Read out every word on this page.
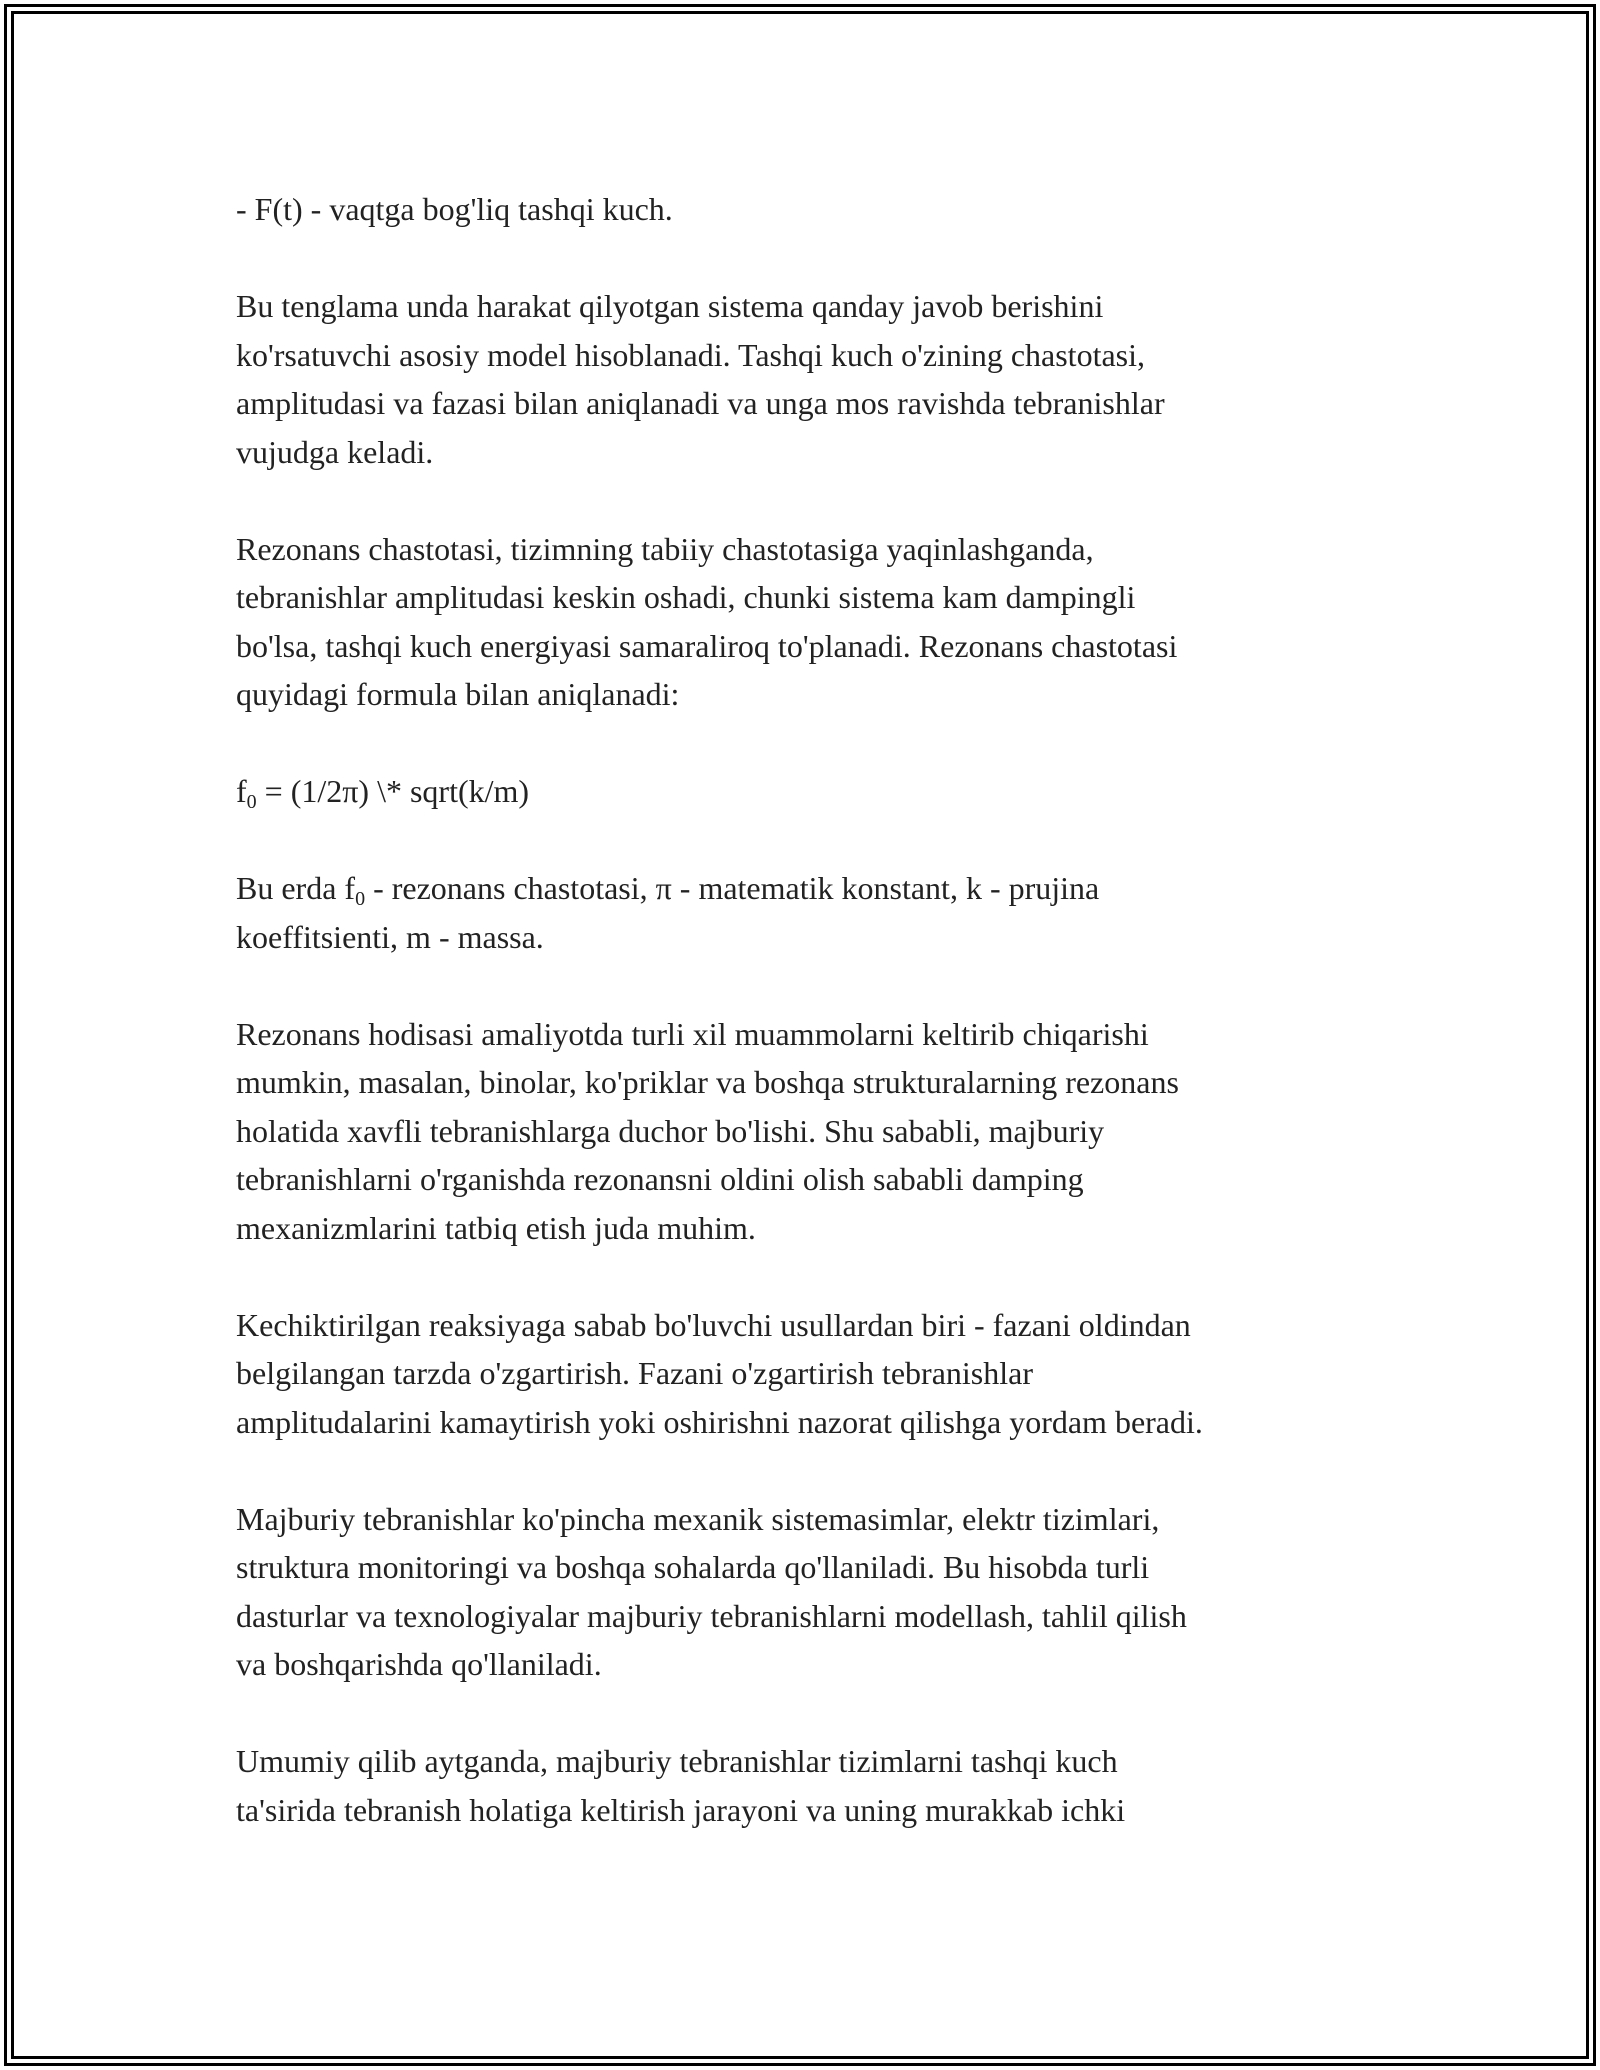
- F(t) - vaqtga bog'liq tashqi kuch.

Bu tenglama unda harakat qilyotgan sistema qanday javob berishini
ko'rsatuvchi asosiy model hisoblanadi. Tashqi kuch o'zining chastotasi,
amplitudasi va fazasi bilan aniqlanadi va unga mos ravishda tebranishlar
vujudga keladi.

Rezonans chastotasi, tizimning tabiiy chastotasiga yaqinlashganda,
tebranishlar amplitudasi keskin oshadi, chunki sistema kam dampingli
bo'lsa, tashqi kuch energiyasi samaraliroq to'planadi. Rezonans chastotasi
quyidagi formula bilan aniqlanadi:

$f_0 = (1/2\pi)$ \* sqrt(k/m)

Bu erda $f_0$ - rezonans chastotasi, π - matematik konstant, k - prujina
koeffitsienti, m - massa.

Rezonans hodisasi amaliyotda turli xil muammolarni keltirib chiqarishi
mumkin, masalan, binolar, ko'priklar va boshqa strukturalarning rezonans
holatida xavfli tebranishlarga duchor bo'lishi. Shu sababli, majburiy
tebranishlarni o'rganishda rezonansni oldini olish sababli damping
mexanizmlarini tatbiq etish juda muhim.

Kechiktirilgan reaksiyaga sabab bo'luvchi usullardan biri - fazani oldindan
belgilangan tarzda o'zgartirish. Fazani o'zgartirish tebranishlar
amplitudalarini kamaytirish yoki oshirishni nazorat qilishga yordam beradi.

Majburiy tebranishlar ko'pincha mexanik sistemasimlar, elektr tizimlari,
struktura monitoringi va boshqa sohalarda qo'llaniladi. Bu hisobda turli
dasturlar va texnologiyalar majburiy tebranishlarni modellash, tahlil qilish
va boshqarishda qo'llaniladi.

Umumiy qilib aytganda, majburiy tebranishlar tizimlarni tashqi kuch
ta'sirida tebranish holatiga keltirish jarayoni va uning murakkab ichki
